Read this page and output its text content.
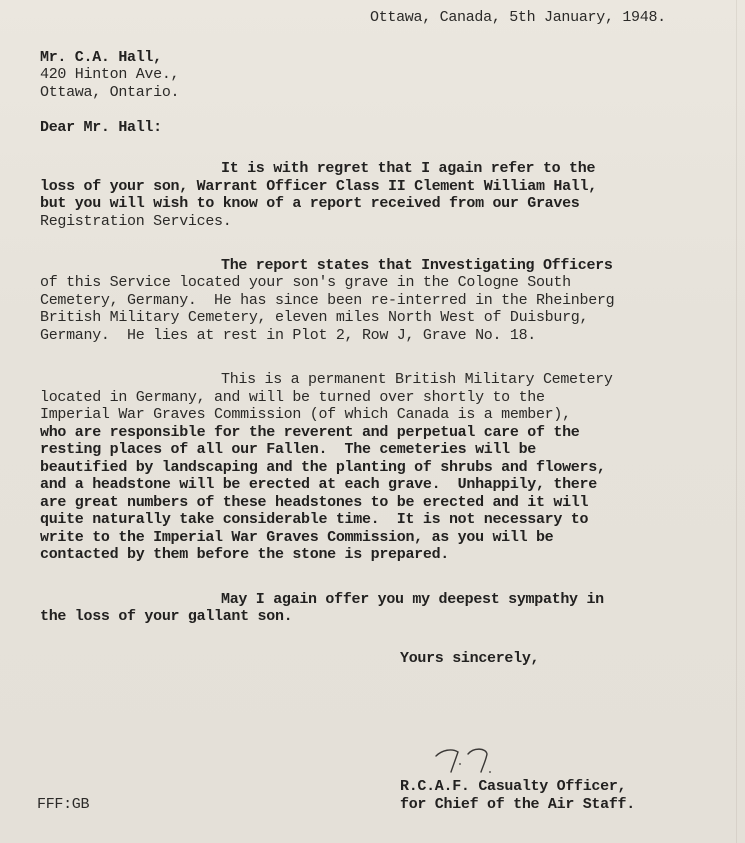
Ottawa, Canada, 5th January, 1948.
Mr. C.A. Hall,
420 Hinton Ave.,
Ottawa, Ontario.
Dear Mr. Hall:
It is with regret that I again refer to the
loss of your son, Warrant Officer Class II Clement William Hall,
but you will wish to know of a report received from our Graves
Registration Services.
The report states that Investigating Officers
of this Service located your son's grave in the Cologne South
Cemetery, Germany.  He has since been re-interred in the Rheinberg
British Military Cemetery, eleven miles North West of Duisburg,
Germany.  He lies at rest in Plot 2, Row J, Grave No. 18.
This is a permanent British Military Cemetery
located in Germany, and will be turned over shortly to the
Imperial War Graves Commission (of which Canada is a member),
who are responsible for the reverent and perpetual care of the
resting places of all our Fallen.  The cemeteries will be
beautified by landscaping and the planting of shrubs and flowers,
and a headstone will be erected at each grave.  Unhappily, there
are great numbers of these headstones to be erected and it will
quite naturally take considerable time.  It is not necessary to
write to the Imperial War Graves Commission, as you will be
contacted by them before the stone is prepared.
May I again offer you my deepest sympathy in
the loss of your gallant son.
Yours sincerely,
R.C.A.F. Casualty Officer,
for Chief of the Air Staff.
FFF:GB
